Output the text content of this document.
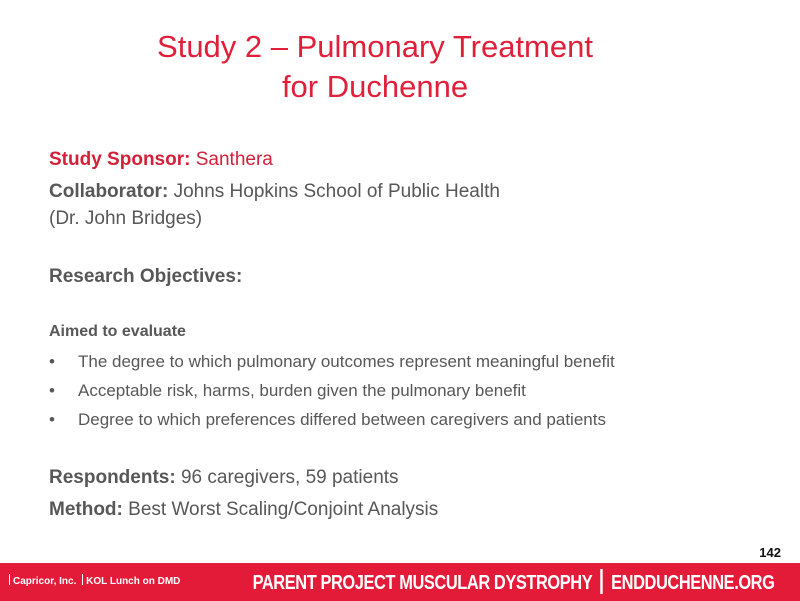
Study 2 – Pulmonary Treatment
for Duchenne
Study Sponsor: Santhera
Collaborator: Johns Hopkins School of Public Health
(Dr. John Bridges)
Research Objectives:
Aimed to evaluate
• The degree to which pulmonary outcomes represent meaningful benefit
• Acceptable risk, harms, burden given the pulmonary benefit
• Degree to which preferences differed between caregivers and patients
Respondents: 96 caregivers, 59 patients
Method: Best Worst Scaling/Conjoint Analysis
142
Capricor, Inc. KOL Lunch on DMD	PARENT PROJECT MUSCULAR DYSTROPHY ENDDUCHENNE.ORG
